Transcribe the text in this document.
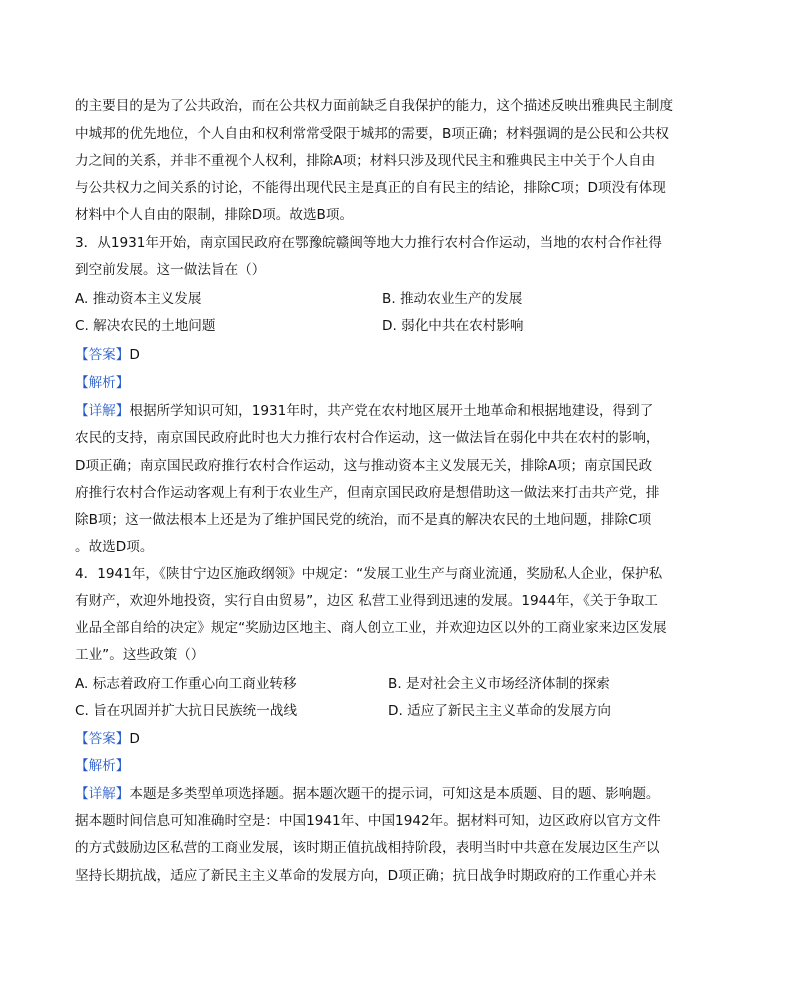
的主要目的是为了公共政治，而在公共权力面前缺乏自我保护的能力，这个描述反映出雅典民主制度
中城邦的优先地位，个人自由和权利常常受限于城邦的需要，B项正确；材料强调的是公民和公共权
力之间的关系，并非不重视个人权利，排除A项；材料只涉及现代民主和雅典民主中关于个人自由
与公共权力之间关系的讨论，不能得出现代民主是真正的自有民主的结论，排除C项；D项没有体现
材料中个人自由的限制，排除D项。故选B项。
3．从1931年开始，南京国民政府在鄂豫皖赣闽等地大力推行农村合作运动，当地的农村合作社得
到空前发展。这一做法旨在（）
A. 推动资本主义发展	B. 推动农业生产的发展
C. 解决农民的土地问题	D. 弱化中共在农村影响
【答案】D
【解析】
【详解】根据所学知识可知，1931年时，共产党在农村地区展开土地革命和根据地建设，得到了
农民的支持，南京国民政府此时也大力推行农村合作运动，这一做法旨在弱化中共在农村的影响，
D项正确；南京国民政府推行农村合作运动，这与推动资本主义发展无关，排除A项；南京国民政
府推行农村合作运动客观上有利于农业生产，但南京国民政府是想借助这一做法来打击共产党，排
除B项；这一做法根本上还是为了维护国民党的统治，而不是真的解决农民的土地问题，排除C项
。故选D项。
4．1941年，《陕甘宁边区施政纲领》中规定：“发展工业生产与商业流通，奖励私人企业，保护私
有财产，欢迎外地投资，实行自由贸易”，边区 私营工业得到迅速的发展。1944年，《关于争取工
业品全部自给的决定》规定“奖励边区地主、商人创立工业，并欢迎边区以外的工商业家来边区发展
工业”。这些政策（）
A. 标志着政府工作重心向工商业转移	B. 是对社会主义市场经济体制的探索
C. 旨在巩固并扩大抗日民族统一战线	D. 适应了新民主主义革命的发展方向
【答案】D
【解析】
【详解】本题是多类型单项选择题。据本题次题干的提示词，可知这是本质题、目的题、影响题。
据本题时间信息可知准确时空是：中国1941年、中国1942年。据材料可知，边区政府以官方文件
的方式鼓励边区私营的工商业发展，该时期正值抗战相持阶段，表明当时中共意在发展边区生产以
坚持长期抗战，适应了新民主主义革命的发展方向，D项正确；抗日战争时期政府的工作重心并未
